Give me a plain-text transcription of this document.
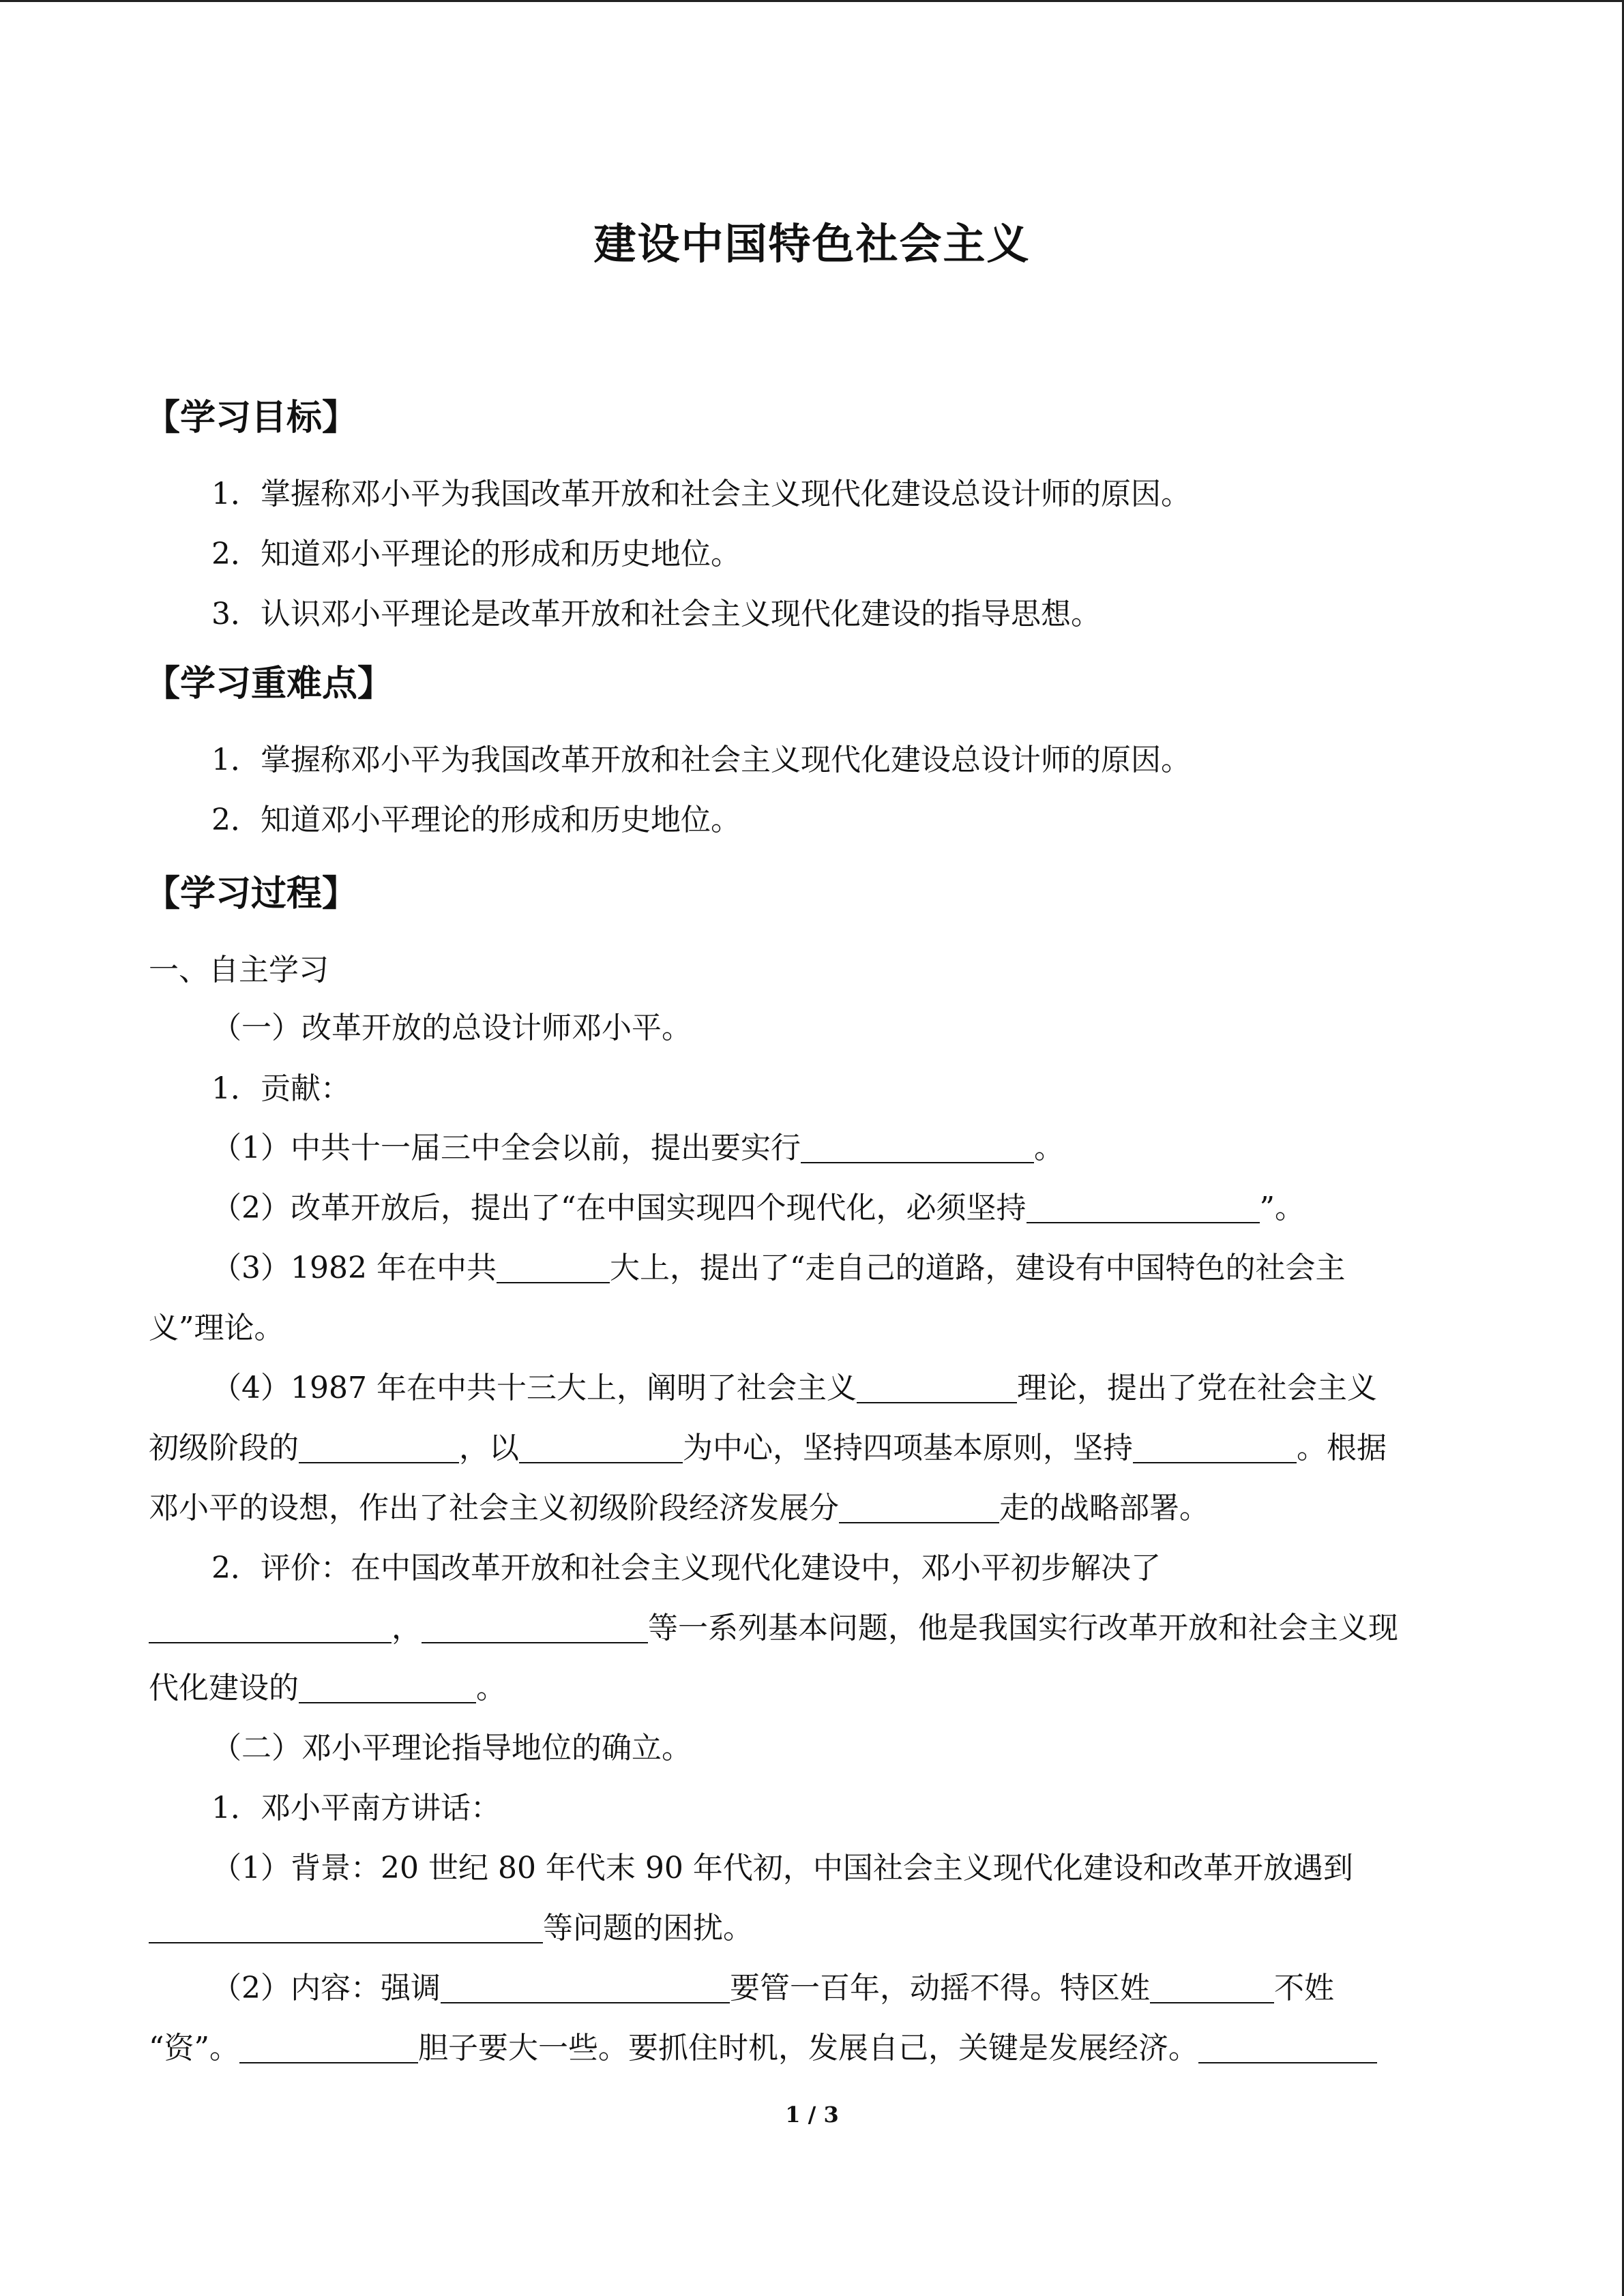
建设中国特色社会主义
【学习目标】
1．掌握称邓小平为我国改革开放和社会主义现代化建设总设计师的原因。
2．知道邓小平理论的形成和历史地位。
3．认识邓小平理论是改革开放和社会主义现代化建设的指导思想。
【学习重难点】
1．掌握称邓小平为我国改革开放和社会主义现代化建设总设计师的原因。
2．知道邓小平理论的形成和历史地位。
【学习过程】
一、自主学习
（一）改革开放的总设计师邓小平。
1．贡献：
（1）中共十一届三中全会以前，提出要实行	。
（2）改革开放后，提出了“在中国实现四个现代化，必须坚持	”。
（3）1982 年在中共	大上，提出了“走自己的道路，建设有中国特色的社会主
义”理论。
（4）1987 年在中共十三大上，阐明了社会主义	理论，提出了党在社会主义
初级阶段的	，以	为中心，坚持四项基本原则，坚持	。根据
邓小平的设想，作出了社会主义初级阶段经济发展分	走的战略部署。
2．评价：在中国改革开放和社会主义现代化建设中，邓小平初步解决了
，	等一系列基本问题，他是我国实行改革开放和社会主义现
代化建设的	。
（二）邓小平理论指导地位的确立。
1．邓小平南方讲话：
（1）背景：20 世纪 80 年代末 90 年代初，中国社会主义现代化建设和改革开放遇到
等问题的困扰。
（2）内容：强调	要管一百年，动摇不得。特区姓	不姓
“资”。	胆子要大一些。要抓住时机，发展自己，关键是发展经济。
1 / 3
